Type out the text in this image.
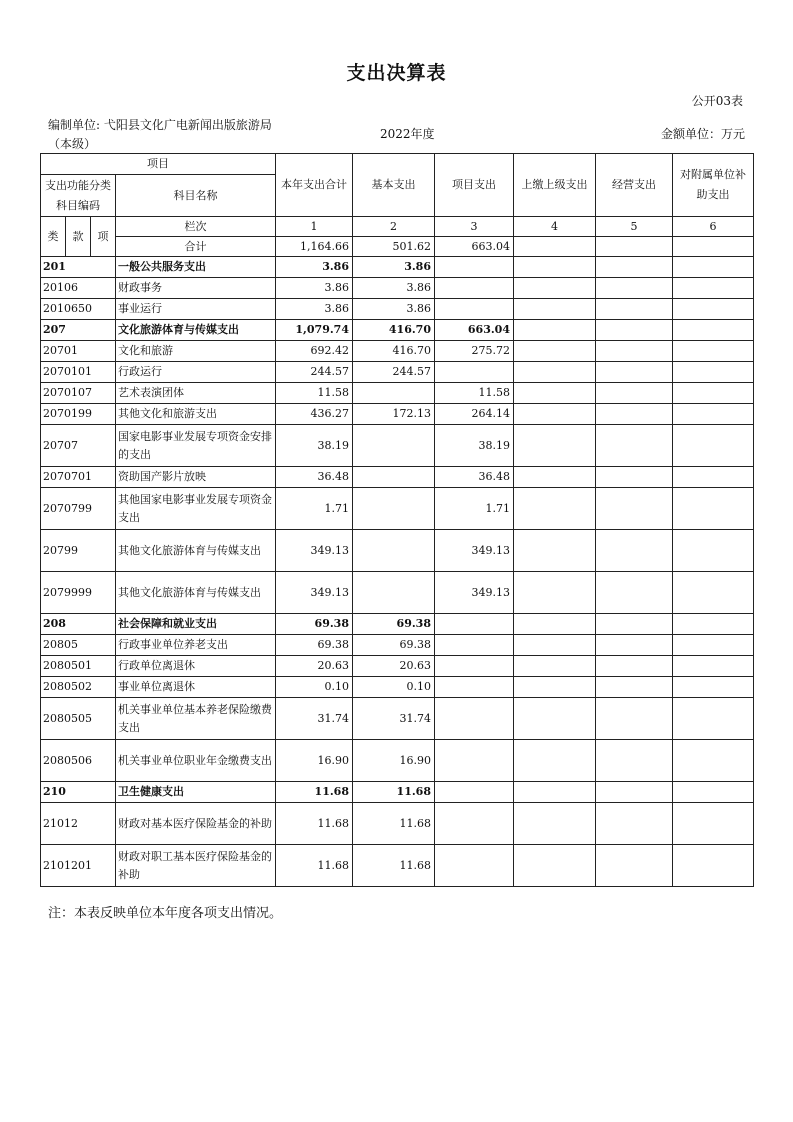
支出决算表
公开03表
编制单位: 弋阳县文化广电新闻出版旅游局
（本级）
2022年度	金额单位：万元
项目				本年支出合计	基本支出	项目支出	上缴上级支出	经营支出	对附属单位补助支出
支出功能分类科目编码			科目名称						
类	款	项	栏次	1	2	3	4	5	6
			合计	1,164.66	501.62	663.04			
201			一般公共服务支出	3.86	3.86				
20106			财政事务	3.86	3.86				
2010650			事业运行	3.86	3.86				
207			文化旅游体育与传媒支出	1,079.74	416.70	663.04			
20701			文化和旅游	692.42	416.70	275.72			
2070101			行政运行	244.57	244.57				
2070107			艺术表演团体	11.58		11.58			
2070199			其他文化和旅游支出	436.27	172.13	264.14			
20707			国家电影事业发展专项资金安排的支出	38.19		38.19			
2070701			资助国产影片放映	36.48		36.48			
2070799			其他国家电影事业发展专项资金支出	1.71		1.71			
20799			其他文化旅游体育与传媒支出	349.13		349.13			
2079999			其他文化旅游体育与传媒支出	349.13		349.13			
208			社会保障和就业支出	69.38	69.38				
20805			行政事业单位养老支出	69.38	69.38				
2080501			行政单位离退休	20.63	20.63				
2080502			事业单位离退休	0.10	0.10				
2080505			机关事业单位基本养老保险缴费支出	31.74	31.74				
2080506			机关事业单位职业年金缴费支出	16.90	16.90				
210			卫生健康支出	11.68	11.68				
21012			财政对基本医疗保险基金的补助	11.68	11.68				
2101201			财政对职工基本医疗保险基金的补助	11.68	11.68				
注：本表反映单位本年度各项支出情况。
